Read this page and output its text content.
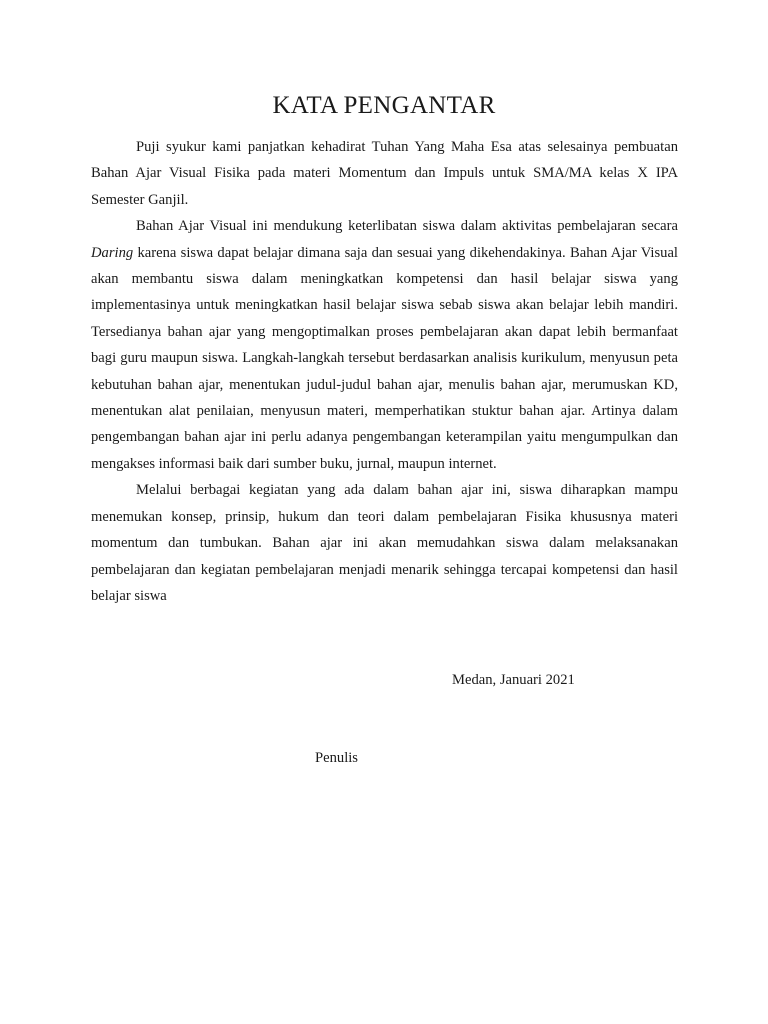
KATA PENGANTAR

Puji syukur kami panjatkan kehadirat Tuhan Yang Maha Esa atas selesainya pembuatan Bahan Ajar Visual Fisika pada materi Momentum dan Impuls untuk SMA/MA kelas X IPA Semester Ganjil.

Bahan Ajar Visual ini mendukung keterlibatan siswa dalam aktivitas pembelajaran secara Daring karena siswa dapat belajar dimana saja dan sesuai yang dikehendakinya. Bahan Ajar Visual akan membantu siswa dalam meningkatkan kompetensi dan hasil belajar siswa yang implementasinya untuk meningkatkan hasil belajar siswa sebab siswa akan belajar lebih mandiri. Tersedianya bahan ajar yang mengoptimalkan proses pembelajaran akan dapat lebih bermanfaat bagi guru maupun siswa. Langkah-langkah tersebut berdasarkan analisis kurikulum, menyusun peta kebutuhan bahan ajar, menentukan judul-judul bahan ajar, menulis bahan ajar, merumuskan KD, menentukan alat penilaian, menyusun materi, memperhatikan stuktur bahan ajar. Artinya dalam pengembangan bahan ajar ini perlu adanya pengembangan keterampilan yaitu mengumpulkan dan mengakses informasi baik dari sumber buku, jurnal, maupun internet.

Melalui berbagai kegiatan yang ada dalam bahan ajar ini, siswa diharapkan mampu menemukan konsep, prinsip, hukum dan teori dalam pembelajaran Fisika khususnya materi momentum dan tumbukan. Bahan ajar ini akan memudahkan siswa dalam melaksanakan pembelajaran dan kegiatan pembelajaran menjadi menarik sehingga tercapai kompetensi dan hasil belajar siswa

Medan, Januari 2021

Penulis
